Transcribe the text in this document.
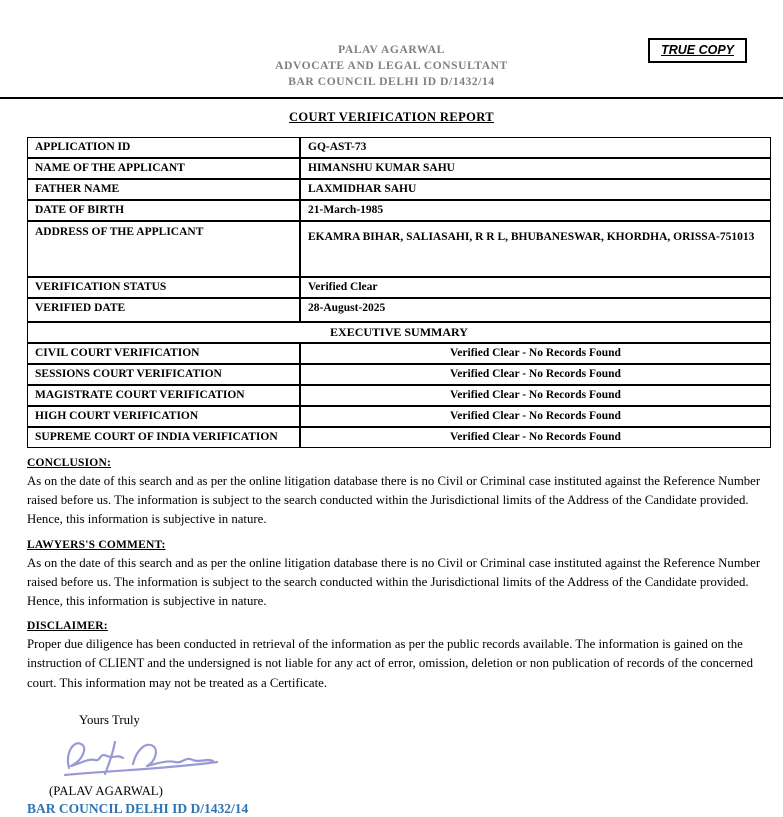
PALAV AGARWAL
ADVOCATE AND LEGAL CONSULTANT
BAR COUNCIL DELHI ID D/1432/14
TRUE COPY
COURT VERIFICATION REPORT
APPLICATION ID	GQ-AST-73
NAME OF THE APPLICANT	HIMANSHU KUMAR SAHU
FATHER NAME	LAXMIDHAR SAHU
DATE OF BIRTH	21-March-1985
ADDRESS OF THE APPLICANT	EKAMRA BIHAR, SALIASAHI, R R L, BHUBANESWAR, KHORDHA, ORISSA-751013
VERIFICATION STATUS	Verified Clear
VERIFIED DATE	28-August-2025
EXECUTIVE SUMMARY	
CIVIL COURT VERIFICATION	Verified Clear - No Records Found
SESSIONS COURT VERIFICATION	Verified Clear - No Records Found
MAGISTRATE COURT VERIFICATION	Verified Clear - No Records Found
HIGH COURT VERIFICATION	Verified Clear - No Records Found
SUPREME COURT OF INDIA VERIFICATION	Verified Clear - No Records Found
CONCLUSION:
As on the date of this search and as per the online litigation database there is no Civil or Criminal case instituted against the Reference Number raised before us. The information is subject to the search conducted within the Jurisdictional limits of the Address of the Candidate provided. Hence, this information is subjective in nature.
LAWYERS'S COMMENT:
As on the date of this search and as per the online litigation database there is no Civil or Criminal case instituted against the Reference Number raised before us. The information is subject to the search conducted within the Jurisdictional limits of the Address of the Candidate provided. Hence, this information is subjective in nature.
DISCLAIMER:
Proper due diligence has been conducted in retrieval of the information as per the public records available. The information is gained on the instruction of CLIENT and the undersigned is not liable for any act of error, omission, deletion or non publication of records of the concerned court. This information may not be treated as a Certificate.
Yours Truly
(PALAV AGARWAL)
BAR COUNCIL DELHI ID D/1432/14
